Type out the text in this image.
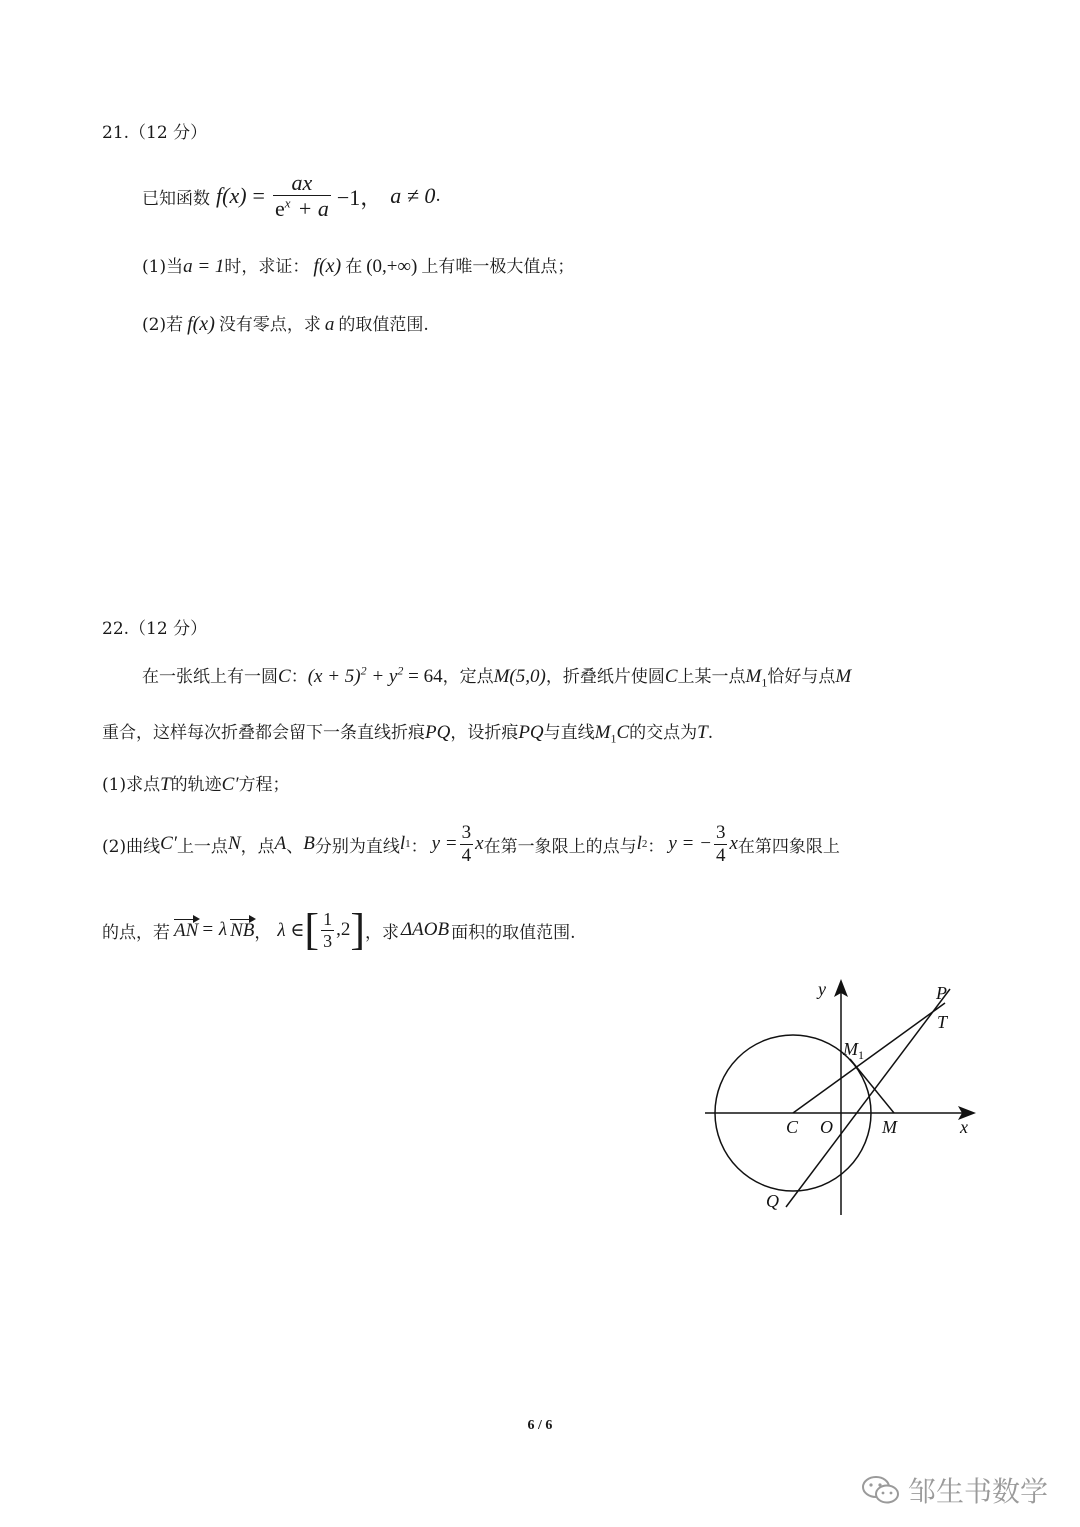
21.（12 分）
已知函数 $f(x) = \frac{ax}{e^x + a} -1$， a ≠ 0 .
(1)当a = 1时，求证： f(x) 在 (0,+∞) 上有唯一极大值点；
(2)若 f(x) 没有零点，求 a 的取值范围.
22.（12 分）
在一张纸上有一圆C：$(x + 5)^2 + y^2 = 64$，定点M(5,0)，折叠纸片使圆C上某一点$M_1$恰好与点M
重合，这样每次折叠都会留下一条直线折痕PQ，设折痕PQ与直线$M_1C$的交点为T.
(1)求点T的轨迹C′方程；
(2)曲线 C′ 上一点 N ，点 A 、 B 分别为直线 l 1 ： $y = \frac{3}{4}$ x 在第一象限上的点与 l 2 ： y = − $\frac{3}{4}$ x 在第四象限上
的点，若 AN = λ NB ， λ ∈ [ $\frac{1}{3} ,2$ ] ，求 ΔAOB 面积的取值范围.
y	P
T
$M_1$
C O	M	x
Q
6 / 6
邹生书数学
